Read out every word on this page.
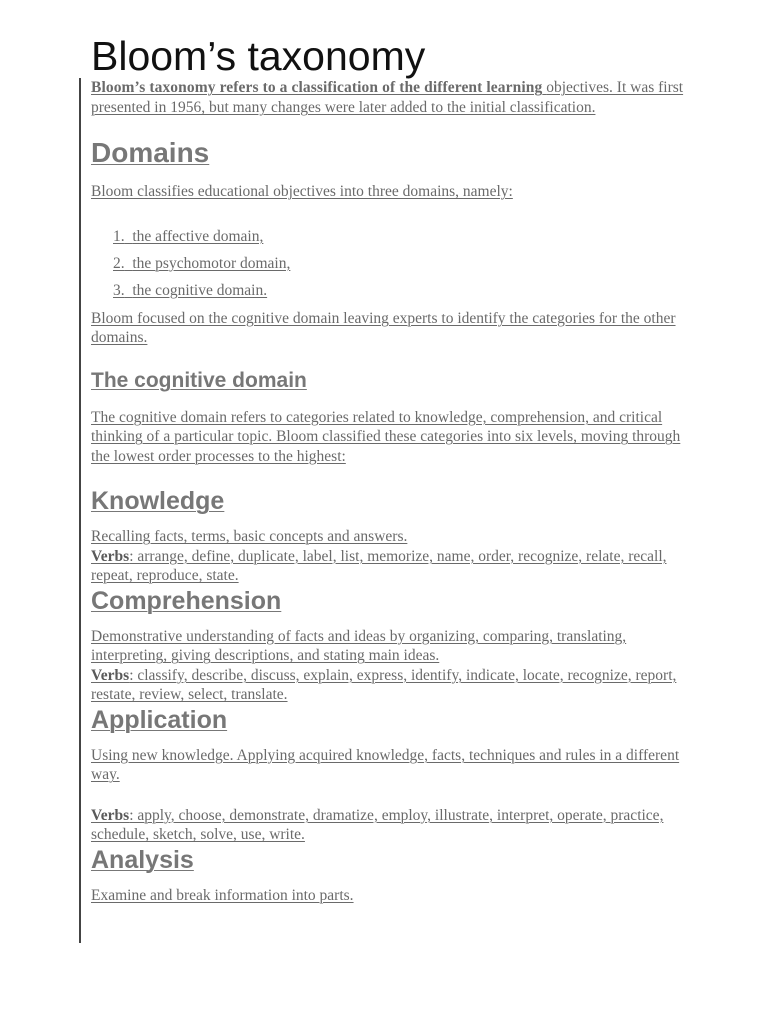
Bloom’s taxonomy

Bloom’s taxonomy refers to a classification of the different learning objectives. It was first presented in 1956, but many changes were later added to the initial classification.

Domains

Bloom classifies educational objectives into three domains, namely:

1. the affective domain,
2. the psychomotor domain,
3. the cognitive domain.

Bloom focused on the cognitive domain leaving experts to identify the categories for the other domains.

The cognitive domain

The cognitive domain refers to categories related to knowledge, comprehension, and critical thinking of a particular topic. Bloom classified these categories into six levels, moving through the lowest order processes to the highest:

Knowledge

Recalling facts, terms, basic concepts and answers.

Verbs: arrange, define, duplicate, label, list, memorize, name, order, recognize, relate, recall, repeat, reproduce, state.

Comprehension

Demonstrative understanding of facts and ideas by organizing, comparing, translating, interpreting, giving descriptions, and stating main ideas.

Verbs: classify, describe, discuss, explain, express, identify, indicate, locate, recognize, report, restate, review, select, translate.

Application

Using new knowledge. Applying acquired knowledge, facts, techniques and rules in a different way.

Verbs: apply, choose, demonstrate, dramatize, employ, illustrate, interpret, operate, practice, schedule, sketch, solve, use, write.

Analysis

Examine and break information into parts.
